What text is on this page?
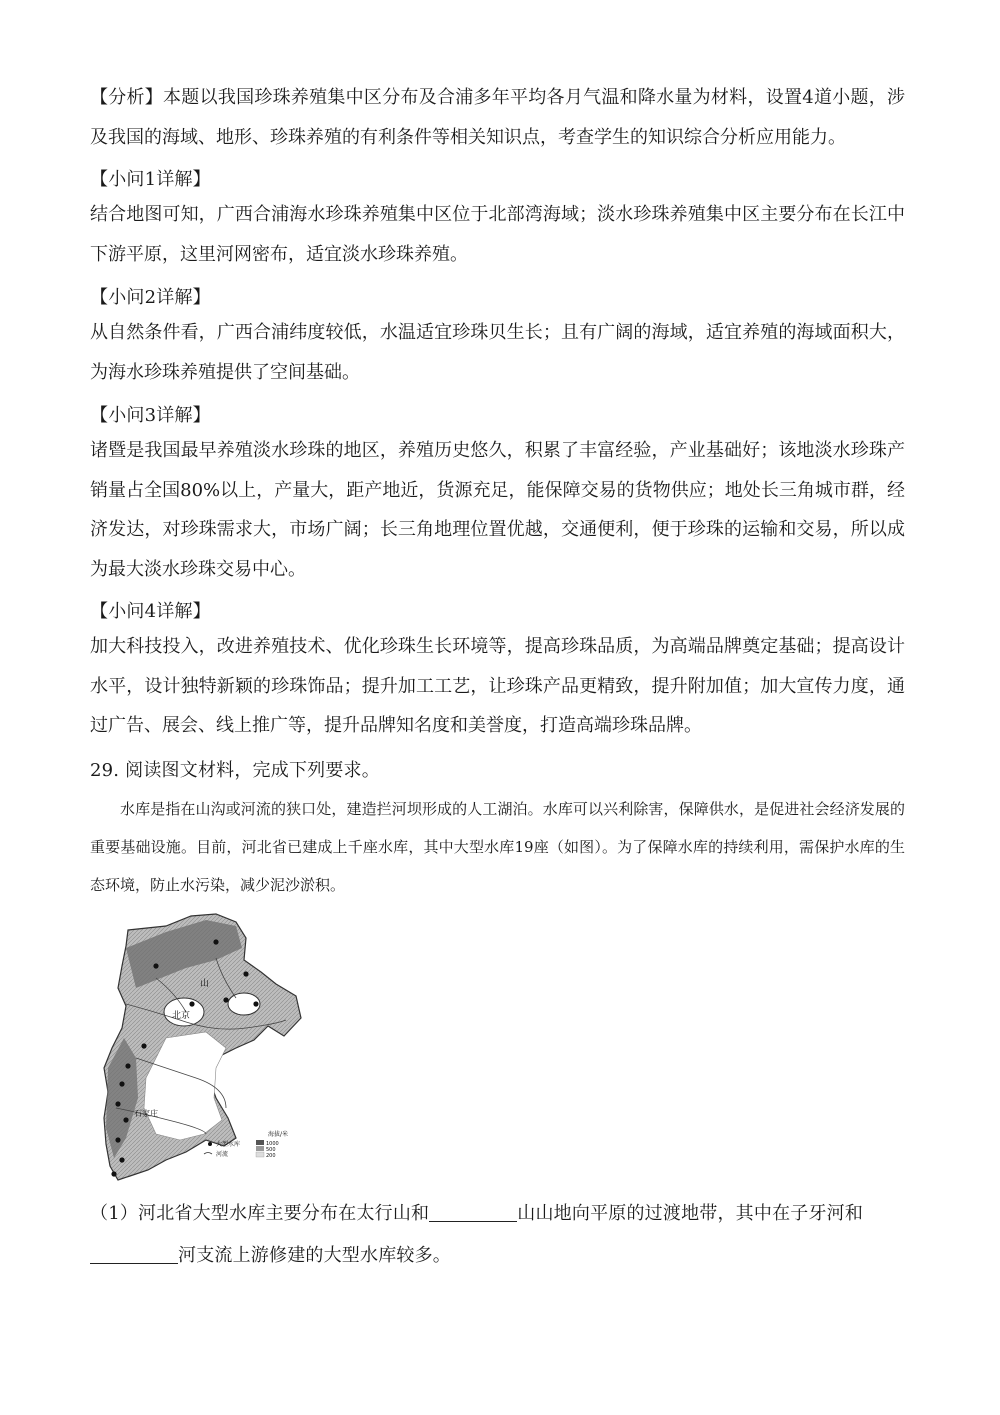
【分析】本题以我国珍珠养殖集中区分布及合浦多年平均各月气温和降水量为材料，设置4道小题，涉及我国的海域、地形、珍珠养殖的有利条件等相关知识点，考查学生的知识综合分析应用能力。
【小问1详解】
结合地图可知，广西合浦海水珍珠养殖集中区位于北部湾海域；淡水珍珠养殖集中区主要分布在长江中下游平原，这里河网密布，适宜淡水珍珠养殖。
【小问2详解】
从自然条件看，广西合浦纬度较低，水温适宜珍珠贝生长；且有广阔的海域，适宜养殖的海域面积大，为海水珍珠养殖提供了空间基础。
【小问3详解】
诸暨是我国最早养殖淡水珍珠的地区，养殖历史悠久，积累了丰富经验，产业基础好；该地淡水珍珠产销量占全国80%以上，产量大，距产地近，货源充足，能保障交易的货物供应；地处长三角城市群，经济发达，对珍珠需求大，市场广阔；长三角地理位置优越，交通便利，便于珍珠的运输和交易，所以成为最大淡水珍珠交易中心。
【小问4详解】
加大科技投入，改进养殖技术、优化珍珠生长环境等，提高珍珠品质，为高端品牌奠定基础；提高设计水平，设计独特新颖的珍珠饰品；提升加工工艺，让珍珠产品更精致，提升附加值；加大宣传力度，通过广告、展会、线上推广等，提升品牌知名度和美誉度，打造高端珍珠品牌。
29. 阅读图文材料，完成下列要求。
水库是指在山沟或河流的狭口处，建造拦河坝形成的人工湖泊。水库可以兴利除害，保障供水，是促进社会经济发展的重要基础设施。目前，河北省已建成上千座水库，其中大型水库19座（如图）。为了保障水库的持续利用，需保护水库的生态环境，防止水污染，减少泥沙淤积。
北京
石家庄
山
海拔/米
1000
500
200
大型水库
河流
（1）河北省大型水库主要分布在太行山和	山山地向平原的过渡地带，其中在子牙河和
河支流上游修建的大型水库较多。
